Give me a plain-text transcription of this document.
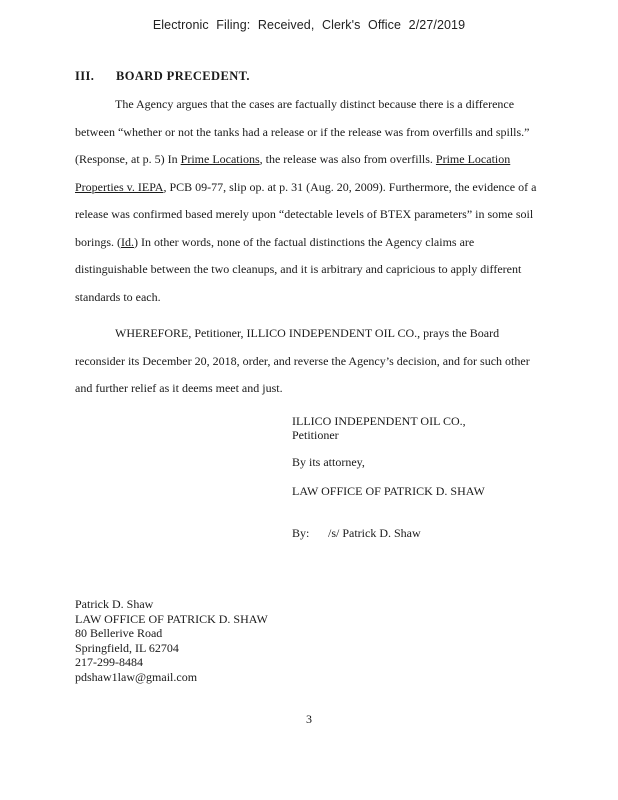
Electronic Filing: Received, Clerk's Office 2/27/2019
III. BOARD PRECEDENT.

The Agency argues that the cases are factually distinct because there is a difference between “whether or not the tanks had a release or if the release was from overfills and spills.” (Response, at p. 5) In Prime Locations, the release was also from overfills. Prime Location Properties v. IEPA, PCB 09-77, slip op. at p. 31 (Aug. 20, 2009). Furthermore, the evidence of a release was confirmed based merely upon “detectable levels of BTEX parameters” in some soil borings. (Id.) In other words, none of the factual distinctions the Agency claims are distinguishable between the two cleanups, and it is arbitrary and capricious to apply different standards to each.

WHEREFORE, Petitioner, ILLICO INDEPENDENT OIL CO., prays the Board reconsider its December 20, 2018, order, and reverse the Agency’s decision, and for such other and further relief as it deems meet and just.

ILLICO INDEPENDENT OIL CO.,
Petitioner
By its attorney,
LAW OFFICE OF PATRICK D. SHAW
By: /s/ Patrick D. Shaw
Patrick D. Shaw
LAW OFFICE OF PATRICK D. SHAW
80 Bellerive Road
Springfield, IL 62704
217-299-8484
pdshaw1law@gmail.com
3
